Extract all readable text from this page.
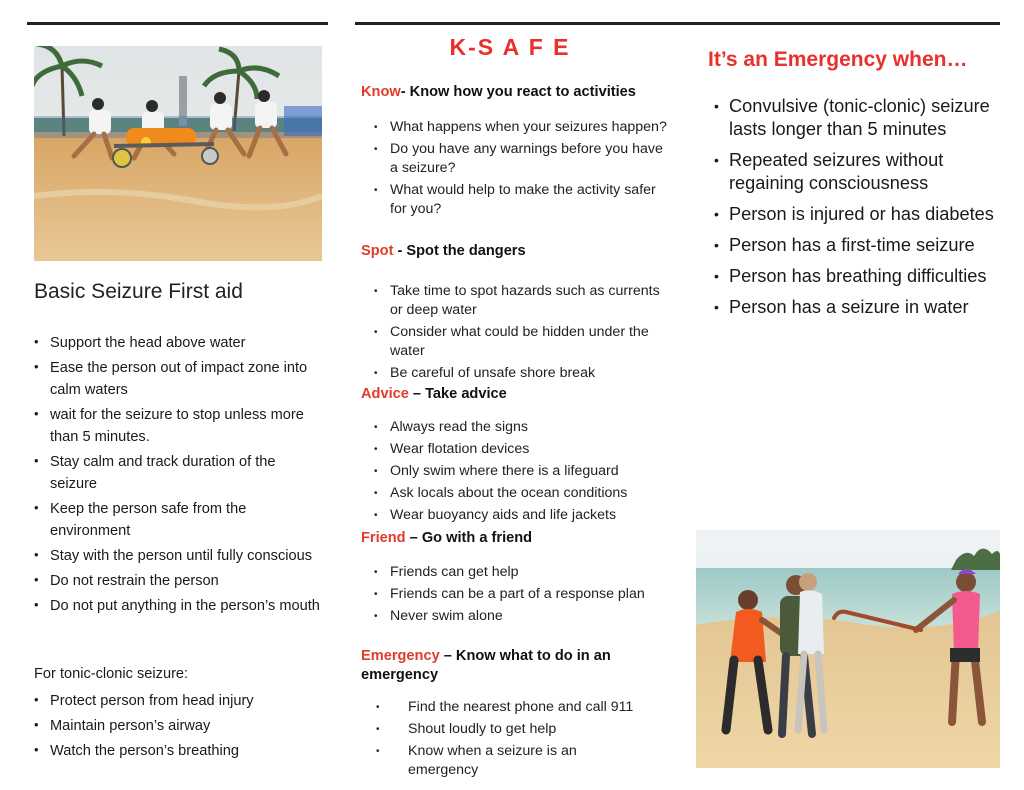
Basic Seizure First aid
• Support the head above water
• Ease the person out of impact zone into calm waters
• wait for the seizure to stop unless more than 5 minutes.
• Stay calm and track duration of the seizure
• Keep the person safe from the environment
• Stay with the person until fully conscious
• Do not restrain the person
• Do not put anything in the person’s mouth
For tonic-clonic seizure:
• Protect person from head injury
• Maintain person’s airway
• Watch the person’s breathing
K-S A F E
Know- Know how you react to activities
• What happens when your seizures happen?
• Do you have any warnings before you have a seizure?
• What would help to make the activity safer for you?
Spot - Spot the dangers
• Take time to spot hazards such as currents or deep water
• Consider what could be hidden under the water
• Be careful of unsafe shore break
Advice – Take advice
• Always read the signs
• Wear flotation devices
• Only swim where there is a lifeguard
• Ask locals about the ocean conditions
• Wear buoyancy aids and life jackets
Friend – Go with a friend
• Friends can get help
• Friends can be a part of a response plan
• Never swim alone
Emergency – Know what to do in an emergency
• Find the nearest phone and call 911
• Shout loudly to get help
• Know when a seizure is an emergency
It’s an Emergency when…
• Convulsive (tonic-clonic) seizure lasts longer than 5 minutes
• Repeated seizures without regaining consciousness
• Person is injured or has diabetes
• Person has a first-time seizure
• Person has breathing difficulties
• Person has a seizure in water
